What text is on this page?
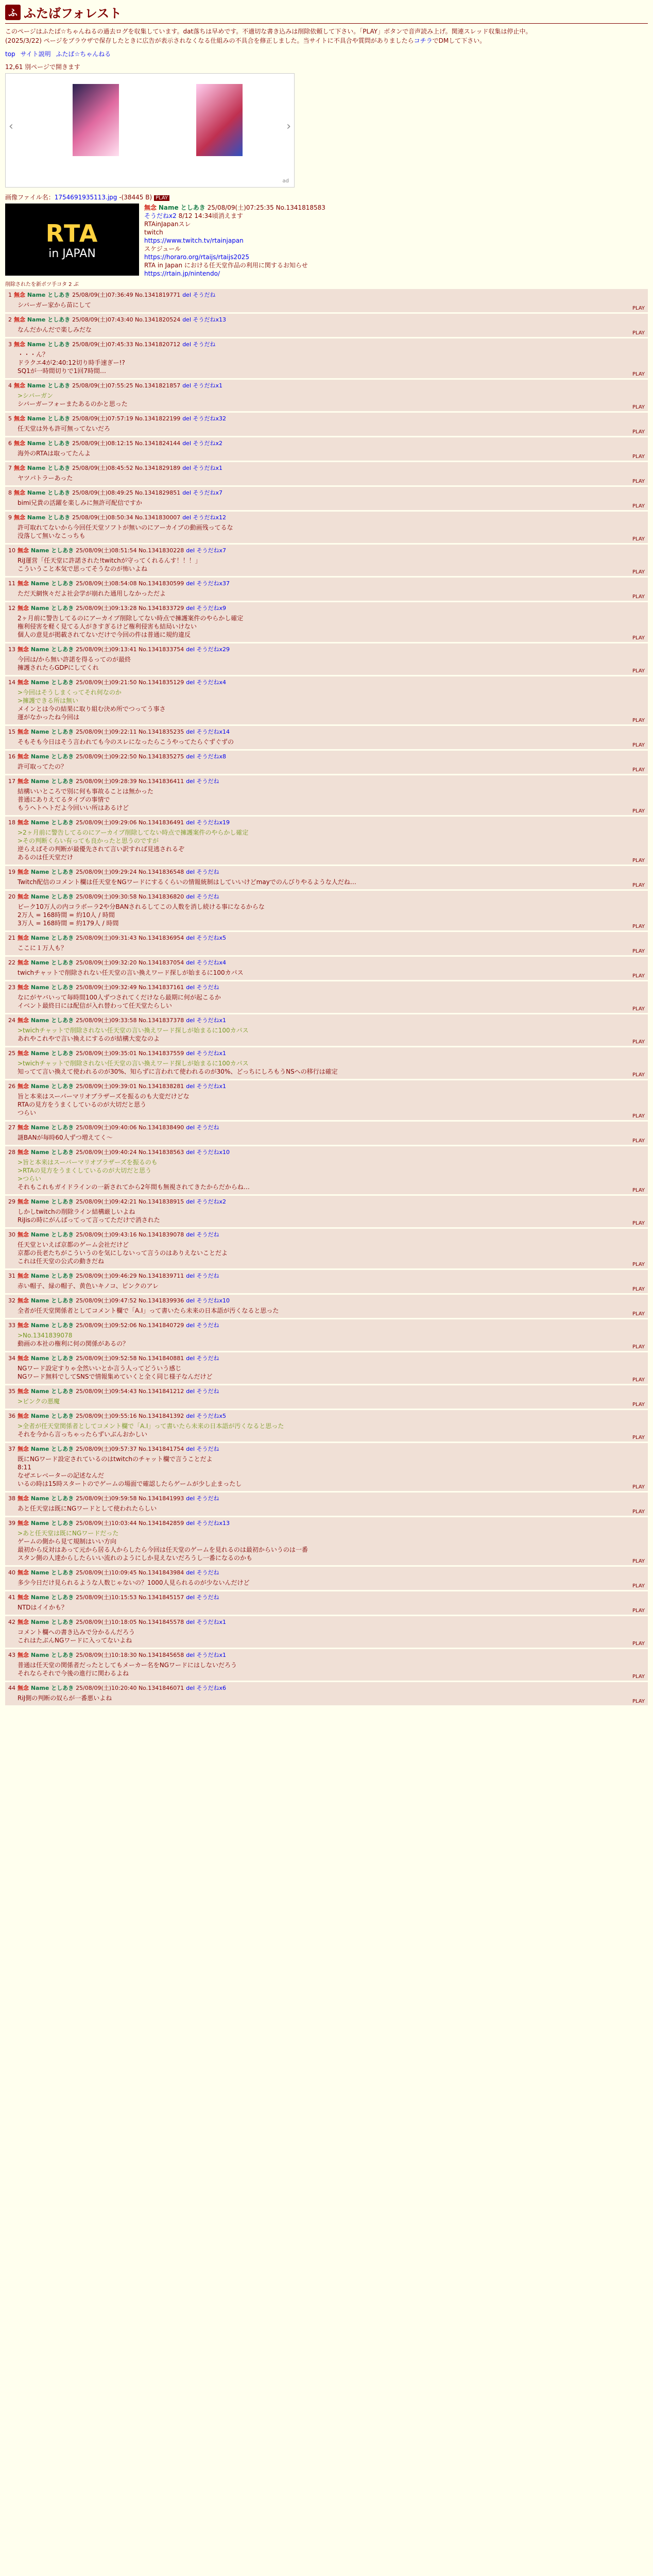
ふ ふたばフォレスト
このページはふたば☆ちゃんねるの過去ログを収集しています。dat落ちは早めです。不適切な書き込みは削除依頼して下さい。「PLAY」ボタンで音声読み上げ。関連スレッド収集は停止中。
(2025/3/22) ページをブラウザで保存したときに広告が表示されなくなる仕組みの不具合を修正しました。当サイトに不具合や質問がありましたらコチラでDMして下さい。
top サイト説明 ふたば☆ちゃんねる
12,61 別ページで開きます
‹	›
ad
画像ファイル名：1754691935113.jpg -(38445 B) PLAY
RTA
in JAPAN
無念 Name としあき 25/08/09(土)07:25:35 No.1341818583
そうだねx2 8/12 14:34頃消えます
RTAinJapanスレ
twitch
https://www.twitch.tv/rtainjapan
スケジュール
https://horaro.org/rtaijs/rtaijs2025
RTA in Japan における任天堂作品の利用に関するお知らせ
https://rtain.jp/nintendo/
削除されたを新ポツ手コタ 2 ぶ
1 無念 Name としあき 25/08/09(土)07:36:49 No.1341819771 del そうだね
シバーガー家から苗にして	PLAY
2 無念 Name としあき 25/08/09(土)07:43:40 No.1341820524 del そうだねx13
なんだかんだで楽しみだな	PLAY
3 無念 Name としあき 25/08/09(土)07:45:33 No.1341820712 del そうだね
・・・ん？
ドラクエ4が2:40:12切り時手速ぎー!?
SQ1が一時間切りで1回7時間…	PLAY
4 無念 Name としあき 25/08/09(土)07:55:25 No.1341821857 del そうだねx1
>シバーガン
シバーガーフォーまたあるのかと思った	PLAY
5 無念 Name としあき 25/08/09(土)07:57:19 No.1341822199 del そうだねx32
任天堂は外も許可無ってないだろ	PLAY
6 無念 Name としあき 25/08/09(土)08:12:15 No.1341824144 del そうだねx2
海外のRTAは取ってたんよ	PLAY
7 無念 Name としあき 25/08/09(土)08:45:52 No.1341829189 del そうだねx1
ヤツパトラーあった	PLAY
8 無念 Name としあき 25/08/09(土)08:49:25 No.1341829851 del そうだねx7
bimi兄貴の活躍を楽しみに無許可配信ですか	PLAY
9 無念 Name としあき 25/08/09(土)08:50:34 No.1341830007 del そうだねx12
許可取れてないから今回任天堂ソフトが無いのにアーカイブの動画残ってるな
没落して無いなこっちも	PLAY
10 無念 Name としあき 25/08/09(土)08:51:54 No.1341830228 del そうだねx7
RiJ運営「任天堂に許諾された!twitchが守ってくれるんす！！！」
こういうこと本気で思ってそうなのが怖いよね	PLAY
11 無念 Name としあき 25/08/09(土)08:54:08 No.1341830599 del そうだねx37
ただ天網恢々だよ社会学が崩れた通用しなかっただよ	PLAY
12 無念 Name としあき 25/08/09(土)09:13:28 No.1341833729 del そうだねx9
2ヶ月前に警告してるのにアーカイブ削除してない時点で擁護案件のやらかし確定
権利侵害を軽く見てる人がきすぎるけど権利侵害も結局いけない
個人の意見が掲載されてないだけで今回の件は普通に規約違反	PLAY
13 無念 Name としあき 25/08/09(土)09:13:41 No.1341833754 del そうだねx29
今回は/から無い許諾を得るってのが最終
擁護されたらGDPにしてくれ	PLAY
14 無念 Name としあき 25/08/09(土)09:21:50 No.1341835129 del そうだねx4
>今回はそうしまくってそれ何なのか
>擁護できる所は無い
メインとは今の結果に取り組む決め所でつってう事さ
運がなかったね今回は	PLAY
15 無念 Name としあき 25/08/09(土)09:22:11 No.1341835235 del そうだねx14
そもそも今日はそう言われても今のスレになったらこうやってたらぐずぐずの	PLAY
16 無念 Name としあき 25/08/09(土)09:22:50 No.1341835275 del そうだねx8
許可取ってたの？	PLAY
17 無念 Name としあき 25/08/09(土)09:28:39 No.1341836411 del そうだね
結構いいところで別に何も事故ることは無かった
普通にありえてるタイプの事情で
もうヘトヘトだよ今回いい所はあるけど	PLAY
18 無念 Name としあき 25/08/09(土)09:29:06 No.1341836491 del そうだねx19
>2ヶ月前に警告してるのにアーカイブ削除してない時点で擁護案件のやらかし確定
>その判断くらい有っても良かったと思うのですが
逆らえばその判断が最優先されて言い訳すれば見逃されるぞ
あるのは任天堂だけ	PLAY
19 無念 Name としあき 25/08/09(土)09:29:24 No.1341836548 del そうだね
Twitch配信のコメント欄は任天堂をNGワードにするくらいの情報統制はしていいけどmayでのんびりやるような人だね…	PLAY
20 無念 Name としあき 25/08/09(土)09:30:58 No.1341836820 del そうだね
ビーク10万人の内コラボーラ2や分BANされるしてこの人数を消し続ける事になるからな
2万人 = 168時間 = 約10人 / 時間
3万人 = 168時間 = 約179人 / 時間	PLAY
21 無念 Name としあき 25/08/09(土)09:31:43 No.1341836954 del そうだねx5
ここに１万人も？	PLAY
22 無念 Name としあき 25/08/09(土)09:32:20 No.1341837054 del そうだねx4
twichチャットで削除されない任天堂の言い換えワード探しが始まるに100カパス	PLAY
23 無念 Name としあき 25/08/09(土)09:32:49 No.1341837161 del そうだね
なにがヤバいって毎時間100人ずつされてくだけなら最期に何が起こるか
イベント最終日には配信が入れ替わって任天堂たらしい	PLAY
24 無念 Name としあき 25/08/09(土)09:33:58 No.1341837378 del そうだねx1
>twichチャットで削除されない任天堂の言い換えワード探しが始まるに100カパス
あれやこれやで言い換えにするのが結構大変なのよ	PLAY
25 無念 Name としあき 25/08/09(土)09:35:01 No.1341837559 del そうだねx1
>twichチャットで削除されない任天堂の言い換えワード探しが始まるに100カパス
知ってて言い換えて使われるのが30%、知らずに言われて使われるのが30%、どっちにしろもうNSへの移行は確定	PLAY
26 無念 Name としあき 25/08/09(土)09:39:01 No.1341838281 del そうだねx1
旨と本来はスーパーマリオブラザーズを振るのも大変だけどな
RTAの見方をうまくしているのが大切だと思う
つらい	PLAY
27 無念 Name としあき 25/08/09(土)09:40:06 No.1341838490 del そうだね
謎BANが毎時60人ずつ増えてく～	PLAY
28 無念 Name としあき 25/08/09(土)09:40:24 No.1341838563 del そうだねx10
>旨と本来はスーパーマリオブラザーズを振るのも
>RTAの見方をうまくしているのが大切だと思う
>つらい
それもこれもガイドラインの一新されてから2年間も無視されてきたからだからね…	PLAY
29 無念 Name としあき 25/08/09(土)09:42:21 No.1341838915 del そうだねx2
しかしtwitchの削除ライン結構厳しいよね
RiJisの時にがんばってって言ってただけで消された	PLAY
30 無念 Name としあき 25/08/09(土)09:43:16 No.1341839078 del そうだね
任天堂といえば京都のゲーム会社だけど
京都の長老たちがこういうのを気にしないって言うのはありえないことだよ
これは任天堂の公式の動きだね	PLAY
31 無念 Name としあき 25/08/09(土)09:46:29 No.1341839711 del そうだね
赤い帽子、緑の帽子、黄色いキノコ、ピンクのアレ	PLAY
32 無念 Name としあき 25/08/09(土)09:47:52 No.1341839936 del そうだねx10
全者が任天堂関係者としてコメント欄で「A.I」って書いたら未来の日本語が汚くなると思った	PLAY
33 無念 Name としあき 25/08/09(土)09:52:06 No.1341840729 del そうだね
>No.1341839078
動画の本社の権利に何の関係があるの？	PLAY
34 無念 Name としあき 25/08/09(土)09:52:58 No.1341840881 del そうだね
NGワード設定すりゃ全然いいとか言う人ってどういう感じ
NGワード無料でしてSNSで情報集めていくと全く同じ様子なんだけど	PLAY
35 無念 Name としあき 25/08/09(土)09:54:43 No.1341841212 del そうだね
>ピンクの悪魔	PLAY
36 無念 Name としあき 25/08/09(土)09:55:16 No.1341841392 del そうだねx5
>全者が任天堂関係者としてコメント欄で「A.I」って書いたら未来の日本語が汚くなると思った
それを今から言っちゃったらずいぶんおかしい	PLAY
37 無念 Name としあき 25/08/09(土)09:57:37 No.1341841754 del そうだね
既にNGワード設定されているのはtwitchのチャット欄で言うことだよ
8:11
なぜエレベーターの記述なんだ
いるの時は15時スタートのでゲームの場面で確認したらゲームが少し止まったし	PLAY
38 無念 Name としあき 25/08/09(土)09:59:58 No.1341841993 del そうだね
あと任天堂は既にNGワードとして使われたらしい	PLAY
39 無念 Name としあき 25/08/09(土)10:03:44 No.1341842859 del そうだねx13
>あと任天堂は既にNGワードだった
ゲームの側から見て規制はいい方向
最初から反対はあって元から居る人からしたら今回は任天堂のゲームを見れるのは最初からいうのは一番
スタン側の人達からしたらいい流れのようにしか見えないだろうし一番になるのかも	PLAY
40 無念 Name としあき 25/08/09(土)10:09:45 No.1341843984 del そうだね
多少今日だけ見られるような人数じゃないの？1000人見られるのが少ないんだけど	PLAY
41 無念 Name としあき 25/08/09(土)10:15:53 No.1341845157 del そうだね
NTDはイイかも？	PLAY
42 無念 Name としあき 25/08/09(土)10:18:05 No.1341845578 del そうだねx1
コメント欄への書き込みで分かるんだろう
これはたぶんNGワードに入ってないよね	PLAY
43 無念 Name としあき 25/08/09(土)10:18:30 No.1341845658 del そうだねx1
普通は任天堂の関係者だったとしてもメーカー名をNGワードにはしないだろう
それならそれで今後の進行に関わるよね	PLAY
44 無念 Name としあき 25/08/09(土)10:20:40 No.1341846071 del そうだねx6
RiJ側の判断の奴らが一番悪いよね	PLAY
